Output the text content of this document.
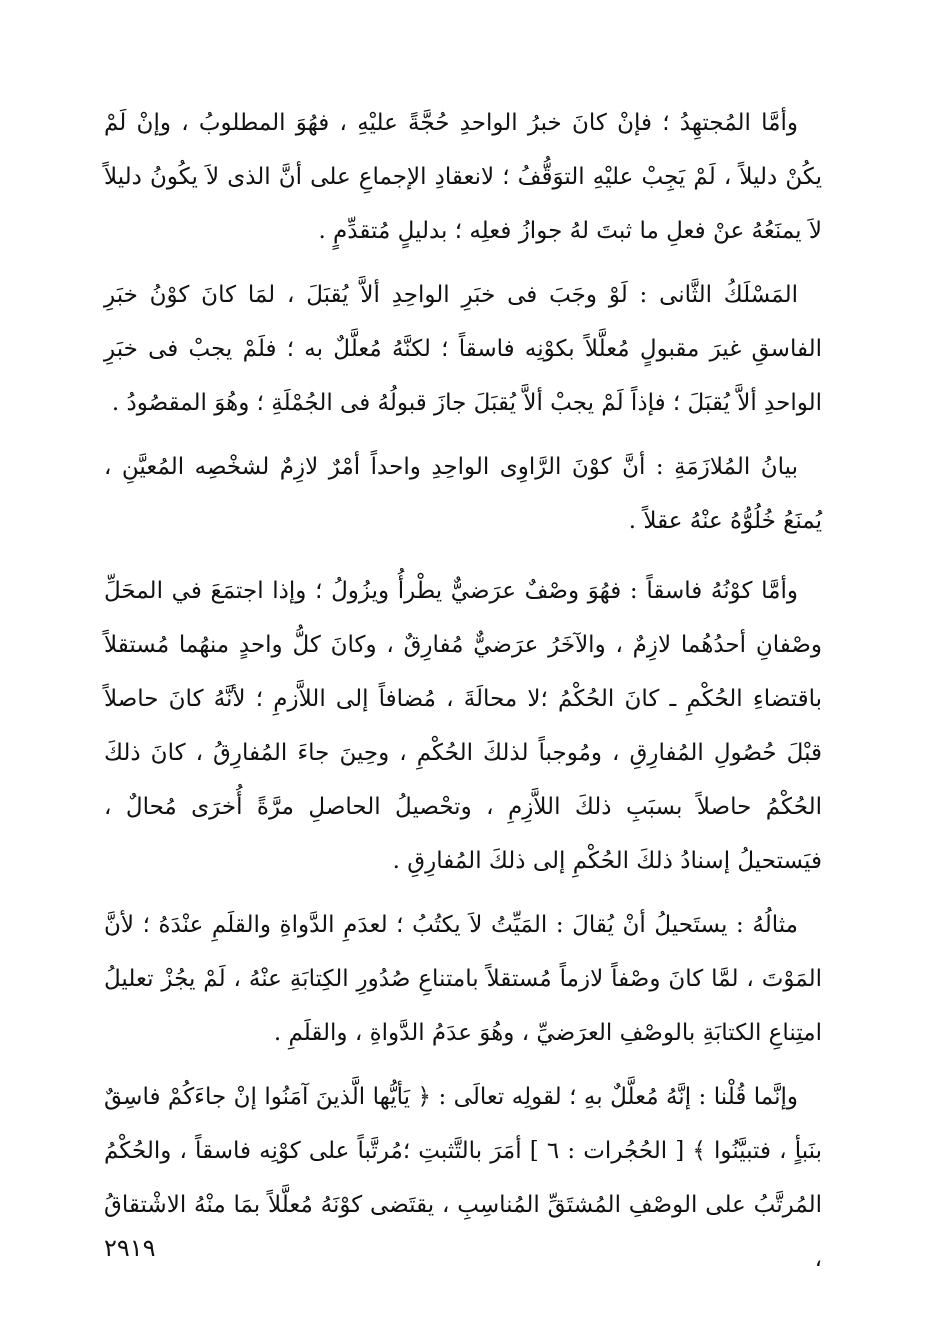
وأمَّا المُجتهِدُ ؛ فإنْ كانَ خبرُ الواحدِ حُجَّةً عليْهِ ، فهُوَ المطلوبُ ، وإنْ لَمْ يكُنْ دليلاً ، لَمْ يَجِبْ عليْهِ التوَقُّفُ ؛ لانعقادِ الإجماعِ على أنَّ الذى لاَ يكُونُ دليلاً لاَ يمنَعُهُ عنْ فعلِ ما ثبتَ لهُ جوازُ فعلِه ؛ بدليلٍ مُتقدِّمٍ .

المَسْلَكُ الثَّانى : لَوْ وجَبَ فى خبَرِ الواحِدِ ألاَّ يُقبَلَ ، لمَا كانَ كوْنُ خبَرِ الفاسقِ غيرَ مقبولٍ مُعلَّلاً بكوْنِه فاسقاً ؛ لكنَّهُ مُعلَّلٌ به ؛ فلَمْ يجبْ فى خبَرِ الواحدِ ألاَّ يُقبَلَ ؛ فإذاً لَمْ يجبْ ألاَّ يُقبَلَ جازَ قبولُهُ فى الجُمْلَةِ ؛ وهُوَ المقصُودُ .

بيانُ المُلازَمَةِ : أنَّ كوْنَ الرَّاوِى الواحِدِ واحداً أمْرٌ لازِمٌ لشخْصِه المُعيَّنِ ، يُمنَعُ خُلُوُّهُ عنْهُ عقلاً .

وأمَّا كوْنُهُ فاسقاً : فهُوَ وصْفٌ عرَضيٌّ يطْرأُ ويزُولُ ؛ وإذا اجتمَعَ في المحَلِّ وصْفانِ أحدُهُما لازِمٌ ، والآخَرُ عرَضيٌّ مُفارِقٌ ، وكانَ كلُّ واحدٍ منهُما مُستقلاً باقتضاءِ الحُكْمِ ـ كانَ الحُكْمُ ؛لا محالَةَ ، مُضافاً إلى اللاَّزمِ ؛ لأنَّهُ كانَ حاصلاً قبْلَ حُصُولِ المُفارِقِ ، ومُوجباً لذلكَ الحُكْمِ ، وحِينَ جاءَ المُفارِقُ ، كانَ ذلكَ الحُكْمُ حاصلاً بسبَبِ ذلكَ اللاَّزِمِ ، وتحْصيلُ الحاصلِ مرَّةً أُخرَى مُحالٌ ، فيَستحيلُ إسنادُ ذلكَ الحُكْمِ إلى ذلكَ المُفارِقِ .

مثالُهُ : يستَحيلُ أنْ يُقالَ : المَيِّتُ لاَ يكتُبُ ؛ لعدَمِ الدَّواةِ والقلَمِ عنْدَهُ ؛ لأنَّ المَوْتَ ، لمَّا كانَ وصْفاً لازماً مُستقلاً بامتناعِ صُدُورِ الكِتابَةِ عنْهُ ، لَمْ يجُزْ تعليلُ امتِناعِ الكتابَةِ بالوصْفِ العرَضيِّ ، وهُوَ عدَمُ الدَّواةِ ، والقلَمِ .

وإنَّما قُلْنا : إنَّهُ مُعلَّلٌ بهِ ؛ لقولِه تعالَى : ﴿ يَأيُّها الَّذينَ آمَنُوا إنْ جاءَكُمْ فاسِقٌ بنَبأٍ ، فتبيَّنُوا ﴾ [ الحُجُرات : ٦ ] أمَرَ بالتَّثبتِ ؛مُرتَّباً على كوْنِه فاسقاً ، والحُكْمُ المُرتَّبُ على الوصْفِ المُشتَقِّ المُناسِبِ ، يقتَضى كوْنَهُ مُعلَّلاً بمَا منْهُ الاشْتقاقُ ،

٢٩١٩
